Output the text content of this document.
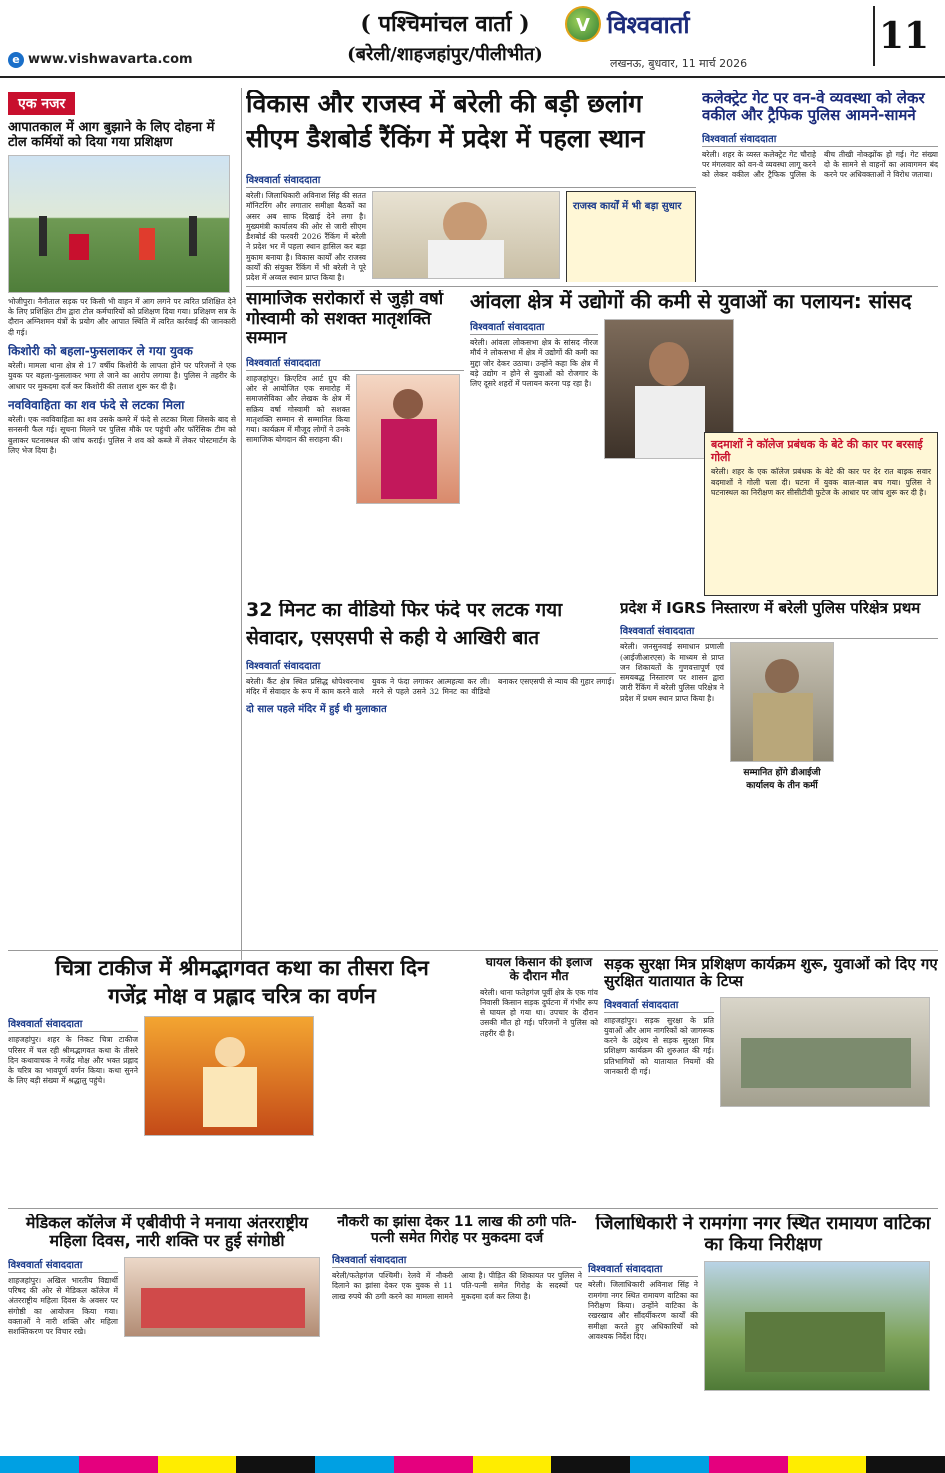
e www.vishwavarta.com
( पश्चिमांचल वार्ता )
(बरेली/शाहजहांपुर/पीलीभीत)
V विश्ववार्ता
लखनऊ, बुधवार, 11 मार्च 2026
11
एक नजर
आपातकाल में आग बुझाने के लिए दोहना में टोल कर्मियों को दिया गया प्रशिक्षण
भोजीपुरा। नैनीताल सड़क पर किसी भी वाहन में आग लगने पर त्वरित प्रशिक्षित देने के लिए प्रशिक्षित टीम द्वारा टोल कर्मचारियों को प्रशिक्षण दिया गया। प्रशिक्षण सत्र के दौरान अग्निशमन यंत्रों के प्रयोग और आपात स्थिति में त्वरित कार्रवाई की जानकारी दी गई।
किशोरी को बहला-फुसलाकर ले गया युवक
बरेली। मामला थाना क्षेत्र से 17 वर्षीय किशोरी के लापता होने पर परिजनों ने एक युवक पर बहला-फुसलाकर भगा ले जाने का आरोप लगाया है। पुलिस ने तहरीर के आधार पर मुकदमा दर्ज कर किशोरी की तलाश शुरू कर दी है।
नवविवाहिता का शव फंदे से लटका मिला
बरेली। एक नवविवाहिता का शव उसके कमरे में फंदे से लटका मिला जिसके बाद से सनसनी फैल गई। सूचना मिलने पर पुलिस मौके पर पहुंची और फॉरेंसिक टीम को बुलाकर घटनास्थल की जांच कराई। पुलिस ने शव को कब्जे में लेकर पोस्टमार्टम के लिए भेज दिया है।
विकास और राजस्व में बरेली की बड़ी छलांग
सीएम डैशबोर्ड रैंकिंग में प्रदेश में पहला स्थान
विश्ववार्ता संवाददाता
बरेली। जिलाधिकारी अविनाश सिंह की सतत मॉनिटरिंग और लगातार समीक्षा बैठकों का असर अब साफ दिखाई देने लगा है। मुख्यमंत्री कार्यालय की ओर से जारी सीएम डैशबोर्ड की फरवरी 2026 रैंकिंग में बरेली ने प्रदेश भर में पहला स्थान हासिल कर बड़ा मुकाम बनाया है। विकास कार्यों और राजस्व कार्यों की संयुक्त रैंकिंग में भी बरेली ने पूरे प्रदेश में अव्वल स्थान प्राप्त किया है।
राजस्व कार्यों में भी बड़ा सुधार
कलेक्ट्रेट गेट पर वन-वे व्यवस्था को लेकर वकील और ट्रैफिक पुलिस आमने-सामने
विश्ववार्ता संवाददाता
बरेली। शहर के व्यस्त कलेक्ट्रेट गेट चौराहे पर मंगलवार को वन-वे व्यवस्था लागू करने को लेकर वकील और ट्रैफिक पुलिस के बीच तीखी नोकझोंक हो गई। गेट संख्या दो के सामने से वाहनों का आवागमन बंद करने पर अधिवक्ताओं ने विरोध जताया।
सामाजिक सरोकारों से जुड़ी वर्षा गोस्वामी को सशक्त मातृशक्ति सम्मान
विश्ववार्ता संवाददाता
शाहजहांपुर। क्रिएटिव आर्ट ग्रुप की ओर से आयोजित एक समारोह में समाजसेविका और लेखक के क्षेत्र में सक्रिय वर्षा गोस्वामी को सशक्त मातृशक्ति सम्मान से सम्मानित किया गया। कार्यक्रम में मौजूद लोगों ने उनके सामाजिक योगदान की सराहना की।
आंवला क्षेत्र में उद्योगों की कमी से युवाओं का पलायन: सांसद
विश्ववार्ता संवाददाता
बरेली। आंवला लोकसभा क्षेत्र के सांसद नीरज मौर्य ने लोकसभा में क्षेत्र में उद्योगों की कमी का मुद्दा जोर देकर उठाया। उन्होंने कहा कि क्षेत्र में बड़े उद्योग न होने से युवाओं को रोजगार के लिए दूसरे शहरों में पलायन करना पड़ रहा है।
बदमाशों ने कॉलेज प्रबंधक के बेटे की कार पर बरसाई गोली
बरेली। शहर के एक कॉलेज प्रबंधक के बेटे की कार पर देर रात बाइक सवार बदमाशों ने गोली चला दी। घटना में युवक बाल-बाल बच गया। पुलिस ने घटनास्थल का निरीक्षण कर सीसीटीवी फुटेज के आधार पर जांच शुरू कर दी है।
32 मिनट का वीडियो फिर फंदे पर लटक गया
सेवादार, एसएसपी से कही ये आखिरी बात
विश्ववार्ता संवाददाता
बरेली। कैंट क्षेत्र स्थित प्रसिद्ध धोपेश्वरनाथ मंदिर में सेवादार के रूप में काम करने वाले युवक ने फंदा लगाकर आत्महत्या कर ली। मरने से पहले उसने 32 मिनट का वीडियो बनाकर एसएसपी से न्याय की गुहार लगाई।
दो साल पहले मंदिर में हुई थी मुलाकात
प्रदेश में IGRS निस्तारण में बरेली पुलिस परिक्षेत्र प्रथम
विश्ववार्ता संवाददाता
बरेली। जनसुनवाई समाधान प्रणाली (आईजीआरएस) के माध्यम से प्राप्त जन शिकायतों के गुणवत्तापूर्ण एवं समयबद्ध निस्तारण पर शासन द्वारा जारी रैंकिंग में बरेली पुलिस परिक्षेत्र ने प्रदेश में प्रथम स्थान प्राप्त किया है।
सम्मानित होंगे डीआईजी कार्यालय के तीन कर्मी
चित्रा टाकीज में श्रीमद्भागवत कथा का तीसरा दिन
गजेंद्र मोक्ष व प्रह्लाद चरित्र का वर्णन
विश्ववार्ता संवाददाता
शाहजहांपुर। शहर के निकट चित्रा टाकीज परिसर में चल रही श्रीमद्भागवत कथा के तीसरे दिन कथावाचक ने गजेंद्र मोक्ष और भक्त प्रह्लाद के चरित्र का भावपूर्ण वर्णन किया। कथा सुनने के लिए बड़ी संख्या में श्रद्धालु पहुंचे।
घायल किसान की इलाज के दौरान मौत
बरेली। थाना फतेहगंज पूर्वी क्षेत्र के एक गांव निवासी किसान सड़क दुर्घटना में गंभीर रूप से घायल हो गया था। उपचार के दौरान उसकी मौत हो गई। परिजनों ने पुलिस को तहरीर दी है।
सड़क सुरक्षा मित्र प्रशिक्षण कार्यक्रम शुरू, युवाओं को दिए गए सुरक्षित यातायात के टिप्स
विश्ववार्ता संवाददाता
शाहजहांपुर। सड़क सुरक्षा के प्रति युवाओं और आम नागरिकों को जागरूक करने के उद्देश्य से सड़क सुरक्षा मित्र प्रशिक्षण कार्यक्रम की शुरुआत की गई। प्रतिभागियों को यातायात नियमों की जानकारी दी गई।
मेडिकल कॉलेज में एबीवीपी ने मनाया अंतरराष्ट्रीय महिला दिवस, नारी शक्ति पर हुई संगोष्ठी
विश्ववार्ता संवाददाता
शाहजहांपुर। अखिल भारतीय विद्यार्थी परिषद की ओर से मेडिकल कॉलेज में अंतरराष्ट्रीय महिला दिवस के अवसर पर संगोष्ठी का आयोजन किया गया। वक्ताओं ने नारी शक्ति और महिला सशक्तिकरण पर विचार रखे।
नौकरी का झांसा देकर 11 लाख की ठगी पति-पत्नी समेत गिरोह पर मुकदमा दर्ज
विश्ववार्ता संवाददाता
बरेली/फतेहगंज पश्चिमी। रेलवे में नौकरी दिलाने का झांसा देकर एक युवक से 11 लाख रुपये की ठगी करने का मामला सामने आया है। पीड़ित की शिकायत पर पुलिस ने पति-पत्नी समेत गिरोह के सदस्यों पर मुकदमा दर्ज कर लिया है।
जिलाधिकारी ने रामगंगा नगर स्थित रामायण वाटिका का किया निरीक्षण
विश्ववार्ता संवाददाता
बरेली। जिलाधिकारी अविनाश सिंह ने रामगंगा नगर स्थित रामायण वाटिका का निरीक्षण किया। उन्होंने वाटिका के रखरखाव और सौंदर्यीकरण कार्यों की समीक्षा करते हुए अधिकारियों को आवश्यक निर्देश दिए।
